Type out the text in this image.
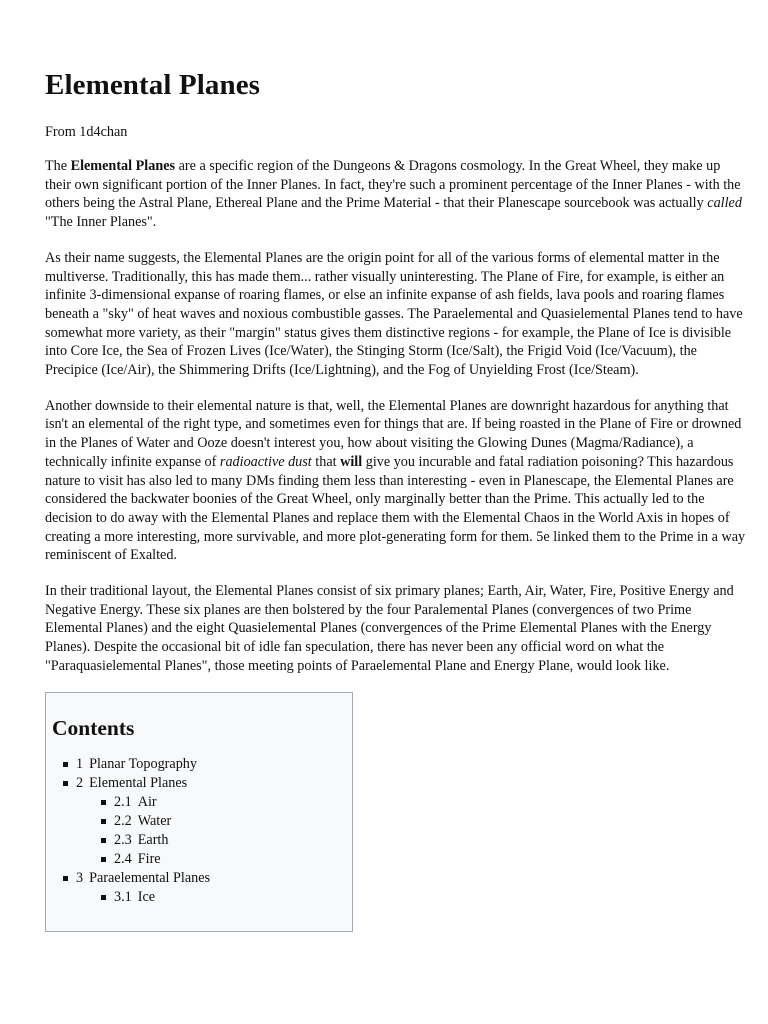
Elemental Planes
From 1d4chan

The Elemental Planes are a specific region of the Dungeons & Dragons cosmology. In the Great Wheel, they make up their own significant portion of the Inner Planes. In fact, they're such a prominent percentage of the Inner Planes - with the others being the Astral Plane, Ethereal Plane and the Prime Material - that their Planescape sourcebook was actually called "The Inner Planes".

As their name suggests, the Elemental Planes are the origin point for all of the various forms of elemental matter in the multiverse. Traditionally, this has made them... rather visually uninteresting. The Plane of Fire, for example, is either an infinite 3-dimensional expanse of roaring flames, or else an infinite expanse of ash fields, lava pools and roaring flames beneath a "sky" of heat waves and noxious combustible gasses. The Paraelemental and Quasielemental Planes tend to have somewhat more variety, as their "margin" status gives them distinctive regions - for example, the Plane of Ice is divisible into Core Ice, the Sea of Frozen Lives (Ice/Water), the Stinging Storm (Ice/Salt), the Frigid Void (Ice/Vacuum), the Precipice (Ice/Air), the Shimmering Drifts (Ice/Lightning), and the Fog of Unyielding Frost (Ice/Steam).

Another downside to their elemental nature is that, well, the Elemental Planes are downright hazardous for anything that isn't an elemental of the right type, and sometimes even for things that are. If being roasted in the Plane of Fire or drowned in the Planes of Water and Ooze doesn't interest you, how about visiting the Glowing Dunes (Magma/Radiance), a technically infinite expanse of radioactive dust that will give you incurable and fatal radiation poisoning? This hazardous nature to visit has also led to many DMs finding them less than interesting - even in Planescape, the Elemental Planes are considered the backwater boonies of the Great Wheel, only marginally better than the Prime. This actually led to the decision to do away with the Elemental Planes and replace them with the Elemental Chaos in the World Axis in hopes of creating a more interesting, more survivable, and more plot-generating form for them. 5e linked them to the Prime in a way reminiscent of Exalted.

In their traditional layout, the Elemental Planes consist of six primary planes; Earth, Air, Water, Fire, Positive Energy and Negative Energy. These six planes are then bolstered by the four Paralemental Planes (convergences of two Prime Elemental Planes) and the eight Quasielemental Planes (convergences of the Prime Elemental Planes with the Energy Planes). Despite the occasional bit of idle fan speculation, there has never been any official word on what the "Paraquasielemental Planes", those meeting points of Paraelemental Plane and Energy Plane, would look like.

Contents
1 Planar Topography
2 Elemental Planes
2.1 Air
2.2 Water
2.3 Earth
2.4 Fire
3 Paraelemental Planes
3.1 Ice
